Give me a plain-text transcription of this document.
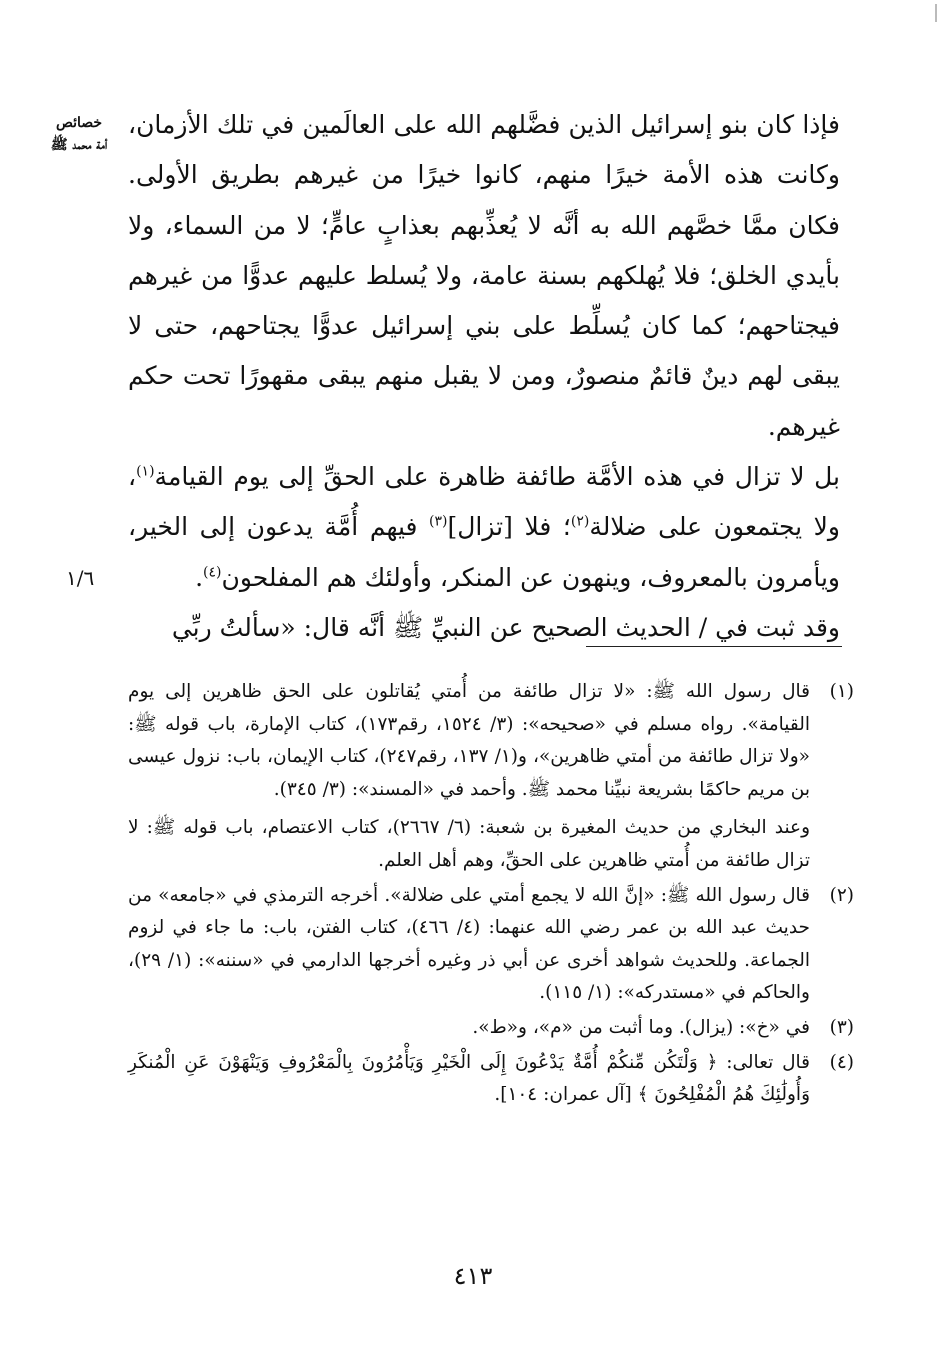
خصائص
أمة محمد ﷺ

فإذا كان بنو إسرائيل الذين فضَّلهم الله على العالَمين في تلك الأزمان، وكانت هذه الأمة خيرًا منهم، كانوا خيرًا من غيرهم بطريق الأولى. فكان ممَّا خصَّهم الله به أنَّه لا يُعذِّبهم بعذابٍ عامٍّ؛ لا من السماء، ولا بأيدي الخلق؛ فلا يُهلكهم بسنة عامة، ولا يُسلط عليهم عدوًّا من غيرهم فيجتاحهم؛ كما كان يُسلِّط على بني إسرائيل عدوًّا يجتاحهم، حتى لا يبقى لهم دينٌ قائمٌ منصورٌ، ومن لا يقبل منهم يبقى مقهورًا تحت حكم غيرهم.

بل لا تزال في هذه الأمَّة طائفة ظاهرة على الحقِّ إلى يوم القيامة$^{(١)}$، ولا يجتمعون على ضلالة$^{(٢)}$؛ فلا [تزال]$^{(٣)}$ فيهم أُمَّة يدعون إلى الخير، ويأمرون بالمعروف، وينهون عن المنكر، وأولئك هم المفلحون$^{(٤)}$.

وقد ثبت في / الحديث الصحيح عن النبيِّ ﷺ أنَّه قال: «سألتُ ربِّي

١/٦
(١)

قال رسول الله ﷺ: «لا تزال طائفة من أُمتي يُقاتلون على الحق ظاهرين إلى يوم القيامة». رواه مسلم في «صحيحه»: (٣/ ١٥٢٤، رقم١٧٣)، كتاب الإمارة، باب قوله ﷺ: «ولا تزال طائفة من أمتي ظاهرين»، و(١/ ١٣٧، رقم٢٤٧)، كتاب الإيمان، باب: نزول عيسى بن مريم حاكمًا بشريعة نبيِّنا محمد ﷺ. وأحمد في «المسند»: (٣/ ٣٤٥).

وعند البخاري من حديث المغيرة بن شعبة: (٦/ ٢٦٦٧)، كتاب الاعتصام، باب قوله ﷺ: لا تزال طائفة من أُمتي ظاهرين على الحقِّ، وهم أهل العلم.

(٢)

قال رسول الله ﷺ: «إنَّ الله لا يجمع أمتي على ضلالة». أخرجه الترمذي في «جامعه» من حديث عبد الله بن عمر رضي الله عنهما: (٤/ ٤٦٦)، كتاب الفتن، باب: ما جاء في لزوم الجماعة. وللحديث شواهد أخرى عن أبي ذر وغيره أخرجها الدارمي في «سننه»: (١/ ٢٩)، والحاكم في «مستدركه»: (١/ ١١٥).

(٣)

في «خ»: (يزال). وما أثبت من «م»، و«ط».

(٤)

قال تعالى: ﴿ وَلْتَكُن مِّنكُمْ أُمَّةٌ يَدْعُونَ إِلَى الْخَيْرِ وَيَأْمُرُونَ بِالْمَعْرُوفِ وَيَنْهَوْنَ عَنِ الْمُنكَرِ وَأُولَٰئِكَ هُمُ الْمُفْلِحُونَ ﴾ [آل عمران: ١٠٤].

٤١٣
